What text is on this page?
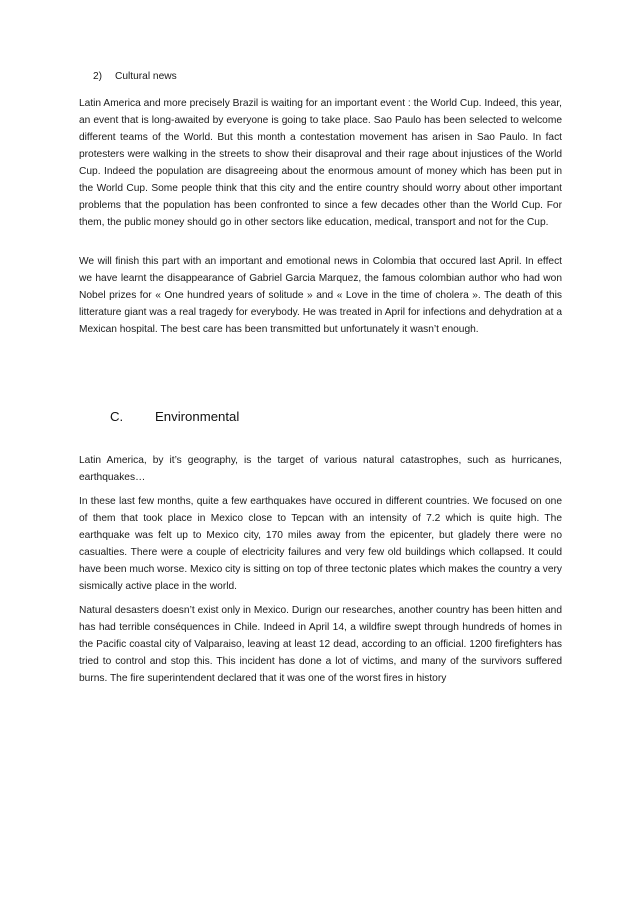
2)	Cultural news

Latin America and more precisely Brazil is waiting for an important event : the World Cup. Indeed, this year, an event that is long-awaited by everyone is going to take place. Sao Paulo has been selected to welcome different teams of the World. But this month a contestation movement has arisen in Sao Paulo. In fact protesters were walking in the streets to show their disaproval and their rage about injustices of the World Cup. Indeed the population are disagreeing about the enormous amount of money which has been put in the World Cup. Some people think that this city and the entire country should worry about other important problems that the population has been confronted to since a few decades other than the World Cup. For them, the public money should go in other sectors like education, medical, transport and not for the Cup.

We will finish this part with an important and emotional news in Colombia that occured last April. In effect we have learnt the disappearance of Gabriel Garcia Marquez, the famous colombian author who had won Nobel prizes for « One hundred years of solitude » and « Love in the time of cholera ». The death of this litterature giant was a real tragedy for everybody. He was treated in April for infections and dehydration at a Mexican hospital. The best care has been transmitted but unfortunately it wasn’t enough.

C.	Environmental

Latin America, by it’s geography, is the target of various natural catastrophes, such as hurricanes, earthquakes…

In these last few months, quite a few earthquakes have occured in different countries. We focused on one of them that took place in Mexico close to Tepcan with an intensity of 7.2 which is quite high. The earthquake was felt up to Mexico city, 170 miles away from the epicenter, but gladely there were no casualties. There were a couple of electricity failures and very few old buildings which collapsed. It could have been much worse. Mexico city is sitting on top of three tectonic plates which makes the country a very sismically active place in the world.

Natural desasters doesn’t exist only in Mexico. Durign our researches, another country has been hitten and has had terrible conséquences in Chile. Indeed in April 14, a wildfire swept through hundreds of homes in the Pacific coastal city of Valparaiso, leaving at least 12 dead, according to an official. 1200 firefighters has tried to control and stop this. This incident has done a lot of victims, and many of the survivors suffered burns. The fire superintendent declared that it was one of the worst fires in history
